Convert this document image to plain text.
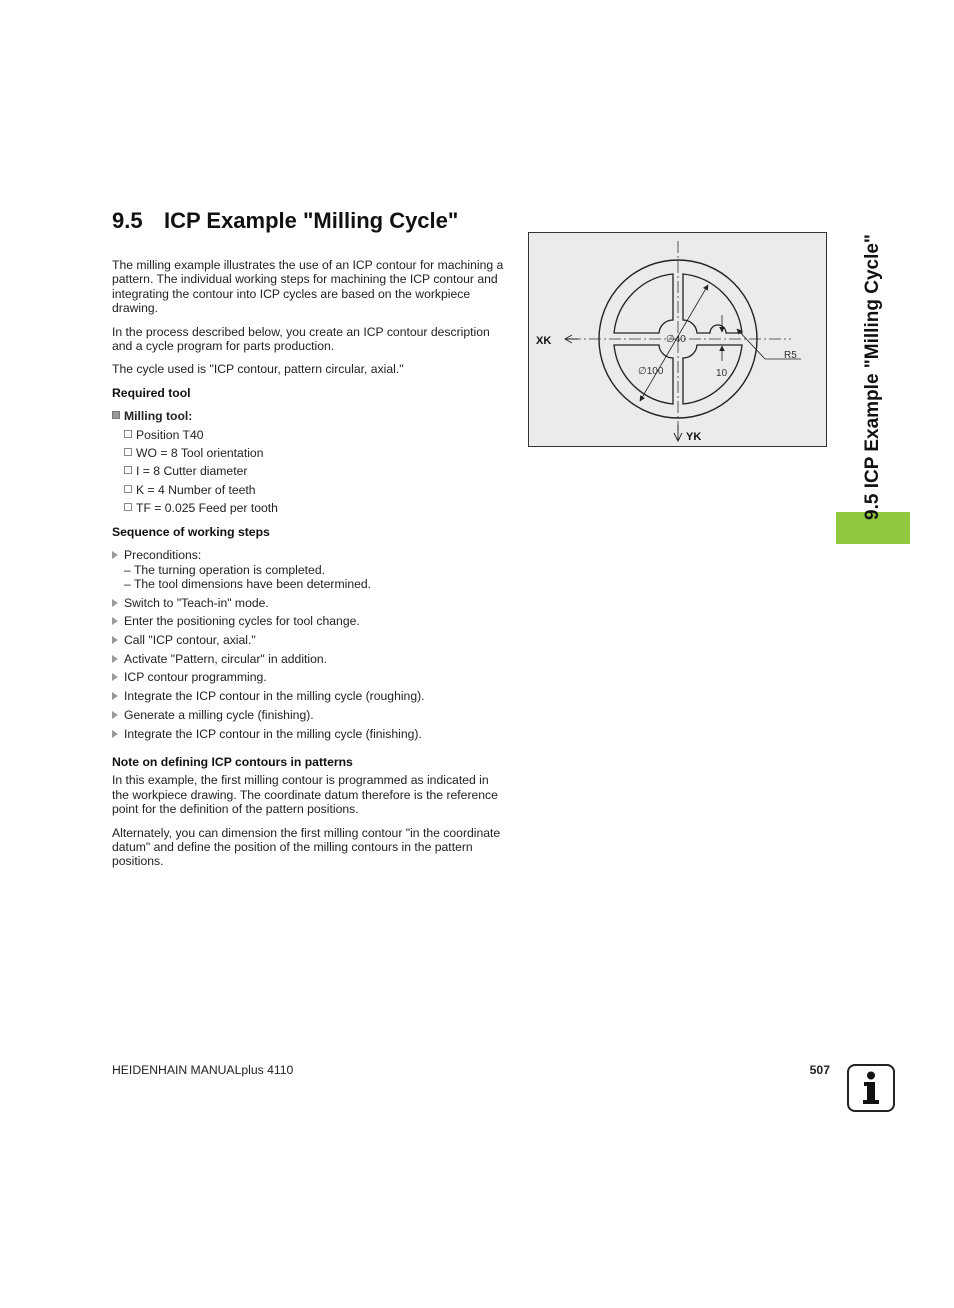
9.5 ICP Example "Milling Cycle"

The milling example illustrates the use of an ICP contour for machining a pattern. The individual working steps for machining the ICP contour and integrating the contour into ICP cycles are based on the workpiece drawing.

In the process described below, you create an ICP contour description and a cycle program for parts production.

The cycle used is "ICP contour, pattern circular, axial."

Required tool
Milling tool:
Position T40
WO = 8 Tool orientation
I = 8 Cutter diameter
K = 4 Number of teeth
TF = 0.025 Feed per tooth
Sequence of working steps
Preconditions:
– The turning operation is completed.
– The tool dimensions have been determined.
Switch to "Teach-in" mode.
Enter the positioning cycles for tool change.
Call "ICP contour, axial."
Activate "Pattern, circular" in addition.
ICP contour programming.
Integrate the ICP contour in the milling cycle (roughing).
Generate a milling cycle (finishing).
Integrate the ICP contour in the milling cycle (finishing).
Note on defining ICP contours in patterns

In this example, the first milling contour is programmed as indicated in the workpiece drawing. The coordinate datum therefore is the reference point for the definition of the pattern positions.

Alternately, you can dimension the first milling contour "in the coordinate datum" and define the position of the milling contours in the pattern positions.

XK
YK
∅40
∅100	10
R5	9.5 ICP Example "Milling Cycle"
HEIDENHAIN MANUALplus 4110	507
